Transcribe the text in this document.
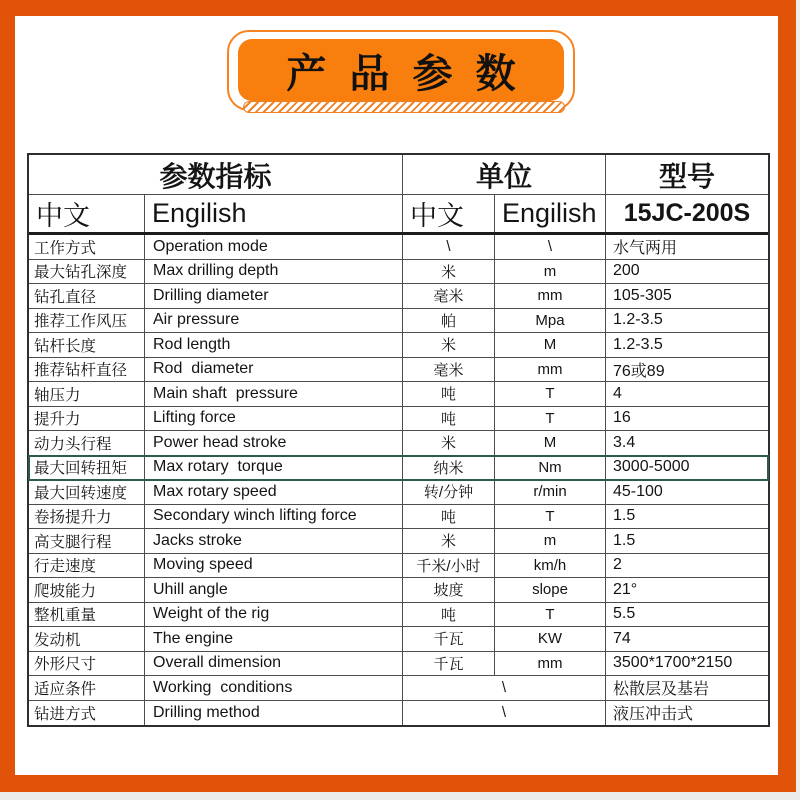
产 品 参 数
参数指标	单位	型号
中文	Engilish	中文	Engilish	15JC-200S
工作方式	Operation mode	\	\	水气两用
最大钻孔深度	Max drilling depth	米	m	200
钻孔直径	Drilling diameter	毫米	mm	105-305
推荐工作风压	Air pressure	帕	Mpa	1.2-3.5
钻杆长度	Rod length	米	M	1.2-3.5
推荐钻杆直径	Rod  diameter	毫米	mm	76或89
轴压力	Main shaft  pressure	吨	T	4
提升力	Lifting force	吨	T	16
动力头行程	Power head stroke	米	M	3.4
最大回转扭矩	Max rotary  torque	纳米	Nm	3000-5000
最大回转速度	Max rotary speed	转/分钟	r/min	45-100
卷扬提升力	Secondary winch lifting force	吨	T	1.5
高支腿行程	Jacks stroke	米	m	1.5
行走速度	Moving speed	千米/小时	km/h	2
爬坡能力	Uhill angle	坡度	slope	21°
整机重量	Weight of the rig	吨	T	5.5
发动机	The engine	千瓦	KW	74
外形尺寸	Overall dimension	千瓦	mm	3500*1700*2150
适应条件	Working  conditions	\	松散层及基岩
钻进方式	Drilling method	\	液压冲击式
